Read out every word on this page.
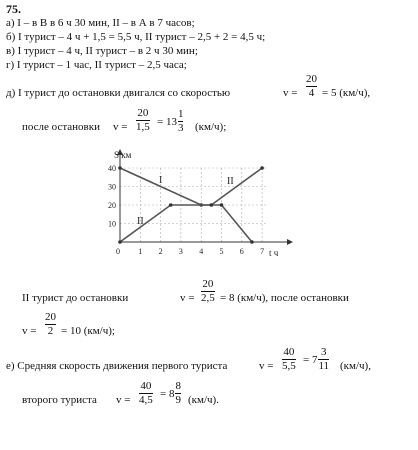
75.
а) I – в В в 6 ч 30 мин, II – в А в 7 часов;
б) I турист – 4 ч + 1,5 = 5,5 ч, II турист – 2,5 + 2 = 4,5 ч;
в) I турист – 4 ч, II турист – в 2 ч 30 мин;
г) I турист – 1 час, II турист – 2,5 часа;
д) I турист до остановки двигался со скоростью	v =
20
4 = 5 (км/ч),
после остановки v =
20
1,5 = 13
1
3 (км/ч);
10
20
30
40
0 1 2 3 4 5 6 7
S км
t ч
I
II
II
II турист до остановки	v =
20
2,5 = 8 (км/ч), после остановки
v =
20
2 = 10 (км/ч);
е) Средняя скорость движения первого туриста	v =
40
5,5
= 7
3
11 (км/ч),
второго туриста v =
40
4,5
= 8
8
9 (км/ч).
